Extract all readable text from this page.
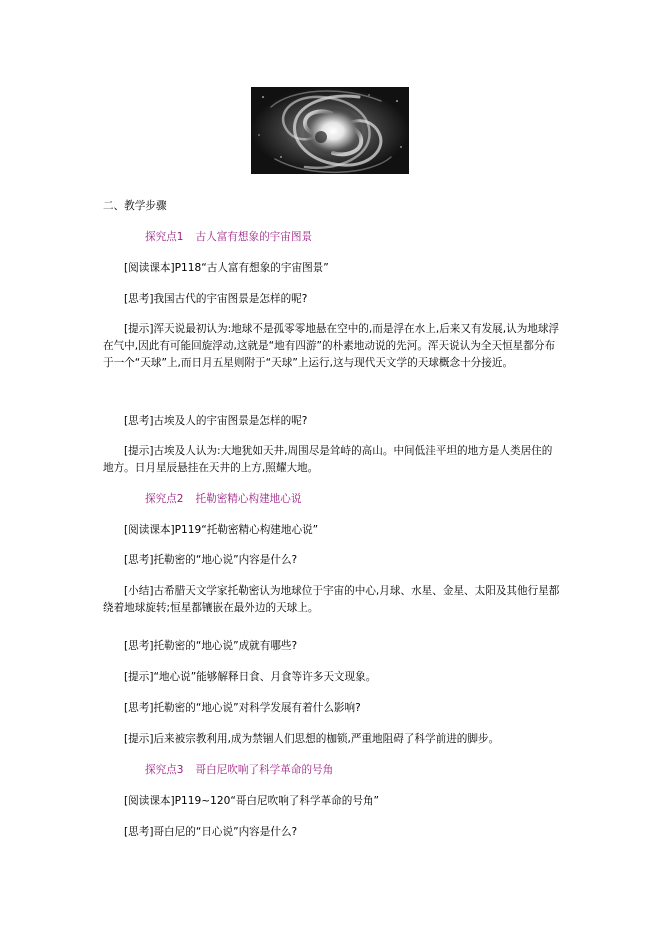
二、教学步骤
探究点1 古人富有想象的宇宙图景
[阅读课本]P118“古人富有想象的宇宙图景”
[思考]我国古代的宇宙图景是怎样的呢?
[提示]浑天说最初认为:地球不是孤零零地悬在空中的,而是浮在水上,后来又有发展,认为地球浮在气中,因此有可能回旋浮动,这就是“地有四游”的朴素地动说的先河。浑天说认为全天恒星都分布于一个“天球”上,而日月五星则附于“天球”上运行,这与现代天文学的天球概念十分接近。
[思考]古埃及人的宇宙图景是怎样的呢?
[提示]古埃及人认为:大地犹如天井,周围尽是耸峙的高山。中间低洼平坦的地方是人类居住的地方。日月星辰悬挂在天井的上方,照耀大地。
探究点2 托勒密精心构建地心说
[阅读课本]P119“托勒密精心构建地心说”
[思考]托勒密的“地心说”内容是什么?
[小结]古希腊天文学家托勒密认为地球位于宇宙的中心,月球、水星、金星、太阳及其他行星都绕着地球旋转;恒星都镶嵌在最外边的天球上。
[思考]托勒密的“地心说”成就有哪些?
[提示]“地心说”能够解释日食、月食等许多天文现象。
[思考]托勒密的“地心说”对科学发展有着什么影响?
[提示]后来被宗教利用,成为禁锢人们思想的枷锁,严重地阻碍了科学前进的脚步。
探究点3 哥白尼吹响了科学革命的号角
[阅读课本]P119~120“哥白尼吹响了科学革命的号角”
[思考]哥白尼的“日心说”内容是什么?
